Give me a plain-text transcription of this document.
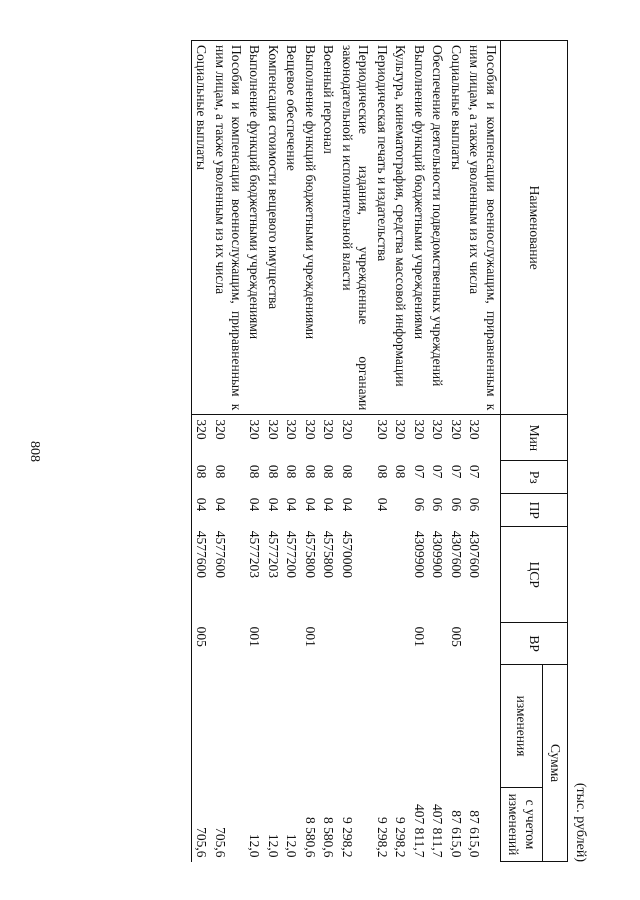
808
(тыс. рублей)
Наименование	Мин	Рз	ПР	ЦСР	ВР	Сумма	
						изменения	с учетом изменений
Пособия и компенсации военнослужащим, приравненным к ним лицам, а также уволенным из их числа	320	07	06	4307600			87 615,0
Социальные выплаты	320	07	06	4307600	005		87 615,0
Обеспечение деятельности подведомственных учреждений	320	07	06	4309900			407 811,7
Выполнение функций бюджетными учреждениями	320	07	06	4309900	001		407 811,7
Культура, кинематография, средства массовой информации	320	08					9 298,2
Периодическая печать и издательства	320	08	04				9 298,2
Периодические издания, учрежденные органами законодательной и исполнительной власти	320	08	04	4570000			9 298,2
Военный персонал	320	08	04	4575800			8 580,6
Выполнение функций бюджетными учреждениями	320	08	04	4575800	001		8 580,6
Вещевое обеспечение	320	08	04	4577200			12,0
Компенсация стоимости вещевого имущества	320	08	04	4577203			12,0
Выполнение функций бюджетными учреждениями	320	08	04	4577203	001		12,0
Пособия и компенсации военнослужащим, приравненным к ним лицам, а также уволенным из их числа	320	08	04	4577600			705,6
Социальные выплаты	320	08	04	4577600	005		705,6
